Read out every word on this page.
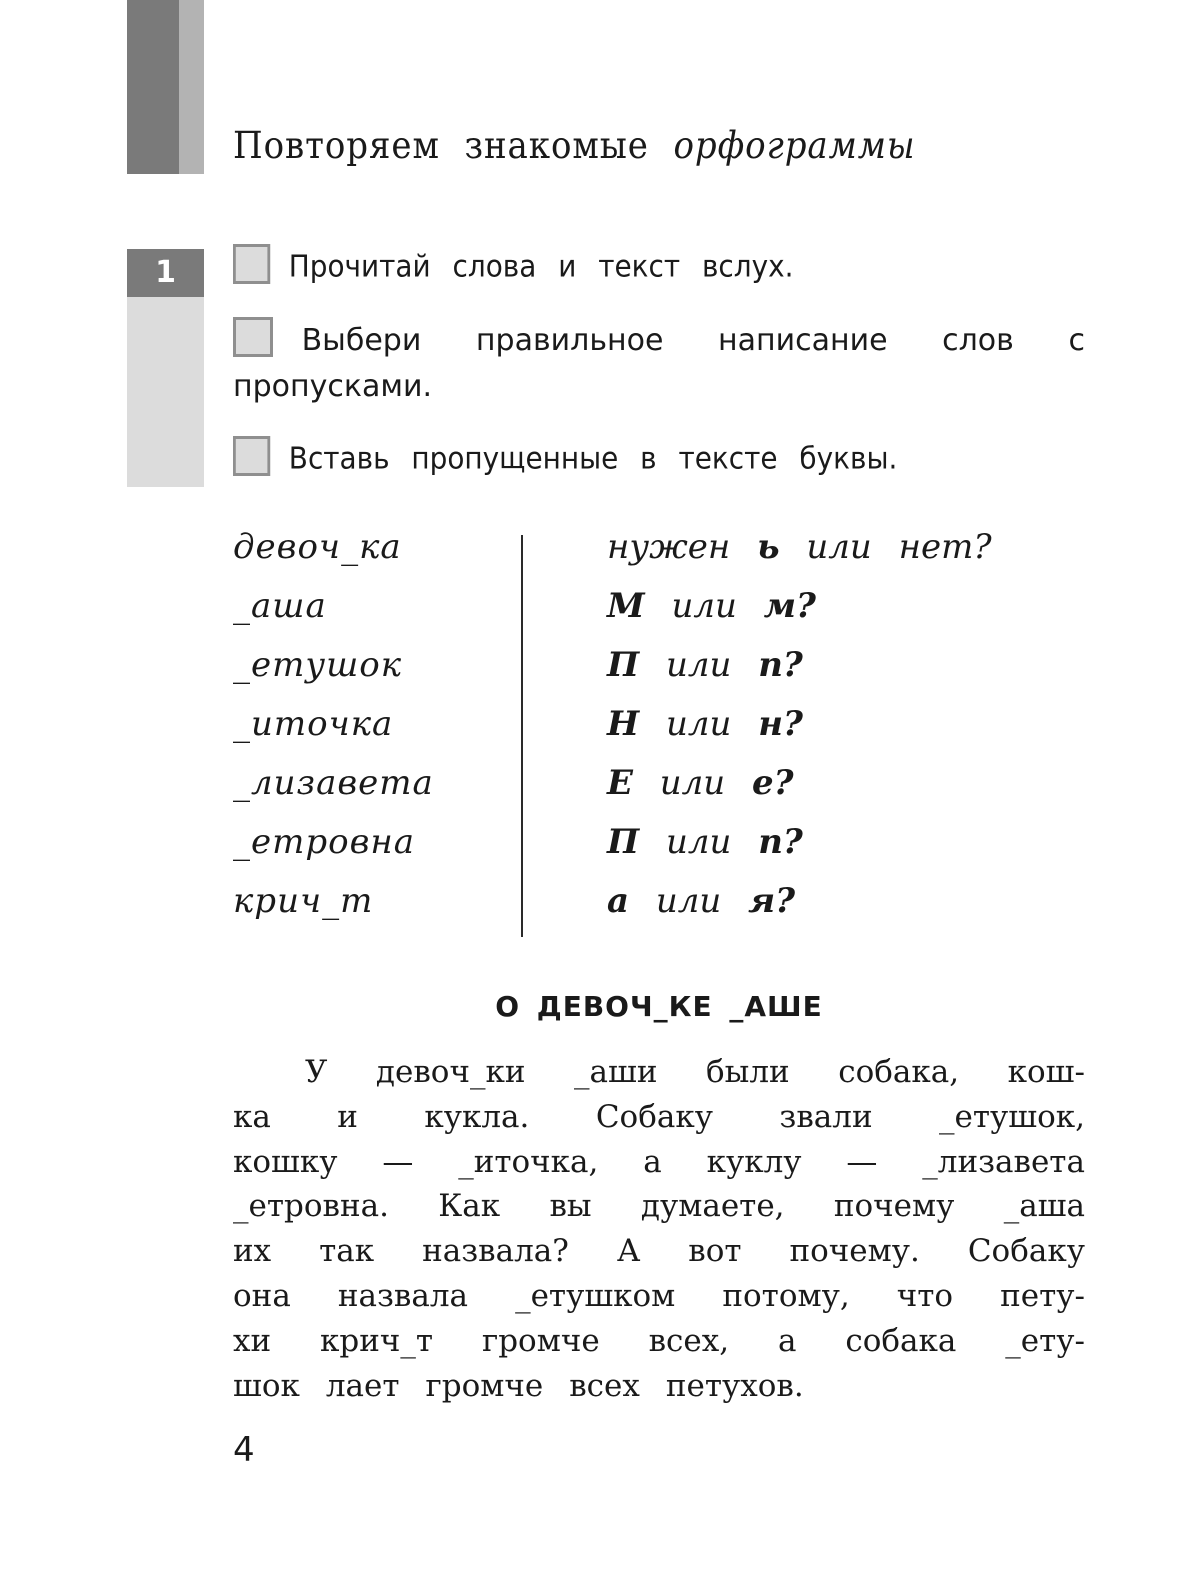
Повторяем знакомые орфограммы
1	Прочитай слова и текст вслух.
Выбери правильное написание слов с
пропусками.
Вставь пропущенные в тексте буквы.
девоч_ка	нужен ь или нет?
_аша	М или м?
_етушок	П или п?
_иточка	Н или н?
_лизавета	Е или е?
_етровна	П или п?
крич_т	а или я?
О ДЕВОЧ_КЕ _АШЕ
У девоч_ки _аши были собака, кош-
ка и кукла. Собаку звали _етушок,
кошку — _иточка, а куклу — _лизавета
_етровна. Как вы думаете, почему _аша
их так назвала? А вот почему. Собаку
она назвала _етушком потому, что пету-
хи крич_т громче всех, а собака _ету-
шок лает громче всех петухов.
4
